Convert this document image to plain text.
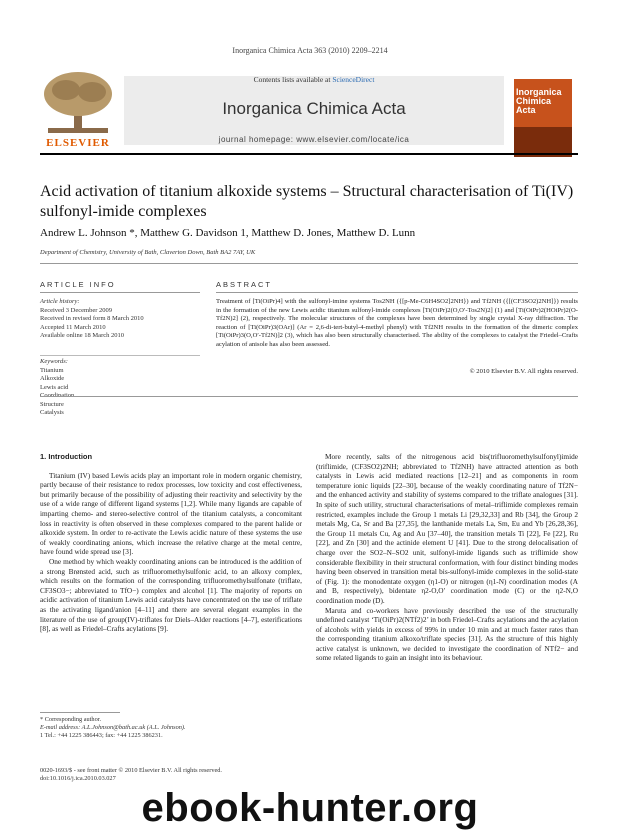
Inorganica Chimica Acta 363 (2010) 2209–2214
Contents lists available at ScienceDirect
Inorganica Chimica Acta
journal homepage: www.elsevier.com/locate/ica
ELSEVIER
Inorganica Chimica Acta
Acid activation of titanium alkoxide systems – Structural characterisation of Ti(IV) sulfonyl-imide complexes
Andrew L. Johnson *, Matthew G. Davidson 1, Matthew D. Jones, Matthew D. Lunn
Department of Chemistry, University of Bath, Claverton Down, Bath BA2 7AY, UK
ARTICLE INFO	ABSTRACT
Article history:
Received 3 December 2009
Received in revised form 8 March 2010
Accepted 11 March 2010
Available online 18 March 2010
Keywords:
Titanium
Alkoxide
Lewis acid
Structure
Catalysis
Treatment of [Ti(OiPr)4] with the sulfonyl-imine systems Tos2NH ({[p-Me-C6H4SO2]2NH}) and Tf2NH ({[(CF3SO2)2NH]}) results in the formation of the new Lewis acidic titanium sulfonyl-imide complexes [Ti(OiPr)2(O,O′-Tos2N)2] (1) and [Ti(OiPr)2(HOiPr)2(O-Tf2N)2] (2), respectively. The molecular structures of the complexes have been determined by single crystal X-ray diffraction. The reaction of [Ti(OiPr)3(OAr)] (Ar = 2,6-di-tert-butyl-4-methyl phenyl) with Tf2NH results in the formation of the dimeric complex [Ti(OiPr)3(O,O′-Tf2N)]2 (3), which has also been structurally characterised. The ability of the complexes to catalyst the Friedel–Crafts acylation of anisole has also been assessed.
© 2010 Elsevier B.V. All rights reserved.
1. Introduction

Titanium (IV) based Lewis acids play an important role in modern organic chemistry, partly because of their resistance to redox processes, low toxicity and cost effectiveness, but primarily because of the possibility of adjusting their reactivity and selectivity by the use of a wide range of different ligand systems [1,2]. While many ligands are capable of imparting chemo- and stereo-selective control of the titanium catalysts, a concomitant loss in reactivity is often observed in these complexes compared to the parent halide or alkoxide system. In order to re-activate the Lewis acidic nature of these systems the use of weakly coordinating anions, which increase the relative charge at the metal centre, have found wide spread use [3].

One method by which weakly coordinating anions can be introduced is the addition of a strong Brønsted acid, such as trifluoromethylsulfonic acid, to an alkoxy complex, which results on the formation of the corresponding trifluoromethylsulfonate (triflate, CF3SO3−; abbreviated to TfO−) complex and alcohol [1]. The majority of reports on acidic activation of titanium Lewis acid catalysts have concentrated on the use of triflate as the activating ligand/anion [4–11] and there are several elegant examples in the literature of the use of group(IV)-triflates for Diels–Alder reactions [4–7], esterifications [8], as well as Friedel–Crafts acylations [9].

More recently, salts of the nitrogenous acid bis(trifluoromethylsulfonyl)imide (triflimide, (CF3SO2)2NH; abbreviated to Tf2NH) have attracted attention as both catalysts in Lewis acid mediated reactions [12–21] and as components in room temperature ionic liquids [22–30], because of the weakly coordinating nature of Tf2N− and the enhanced activity and stability of systems compared to the triflate analogues [31]. In spite of such utility, structural characterisations of metal–triflimide complexes remain restricted, examples include the Group 1 metals Li [29,32,33] and Rb [34], the Group 2 metals Mg, Ca, Sr and Ba [27,35], the lanthanide metals La, Sm, Eu and Yb [26,28,36], the Group 11 metals Cu, Ag and Au [37–40], the transition metals Ti [22], Fe [22], Ru [22], and Zn [30] and the actinide element U [41]. Due to the strong delocalisation of charge over the SO2–N–SO2 unit, sulfonyl-imide ligands such as triflimide show considerable flexibility in their structural conformation, with four distinct binding modes having been observed in transition metal bis-sulfonyl-imide complexes in the solid-state of (Fig. 1): the monodentate oxygen (η1-O) or nitrogen (η1-N) coordination modes (A and B, respectively), bidentate η2-O,O′ coordination mode (C) or the η2-N,O coordination mode (D).

Maruta and co-workers have previously described the use of the structurally undefined catalyst ‘Ti(OiPr)2(NTf2)2’ in both Friedel–Crafts acylations and the acylation of alcohols with yields in excess of 99% in under 10 min and at much faster rates than the corresponding titanium alkoxo/triflate species [31]. As the structure of this highly active catalyst is unknown, we decided to investigate the coordination of NTf2− and some related ligands to gain an insight into its behaviour.

* Corresponding author.
E-mail address: A.L.Johnson@bath.ac.uk (A.L. Johnson).
1 Tel.: +44 1225 386443; fax: +44 1225 386231.
0020-1693/$ - see front matter © 2010 Elsevier B.V. All rights reserved.
doi:10.1016/j.ica.2010.03.027
ebook-hunter.org
